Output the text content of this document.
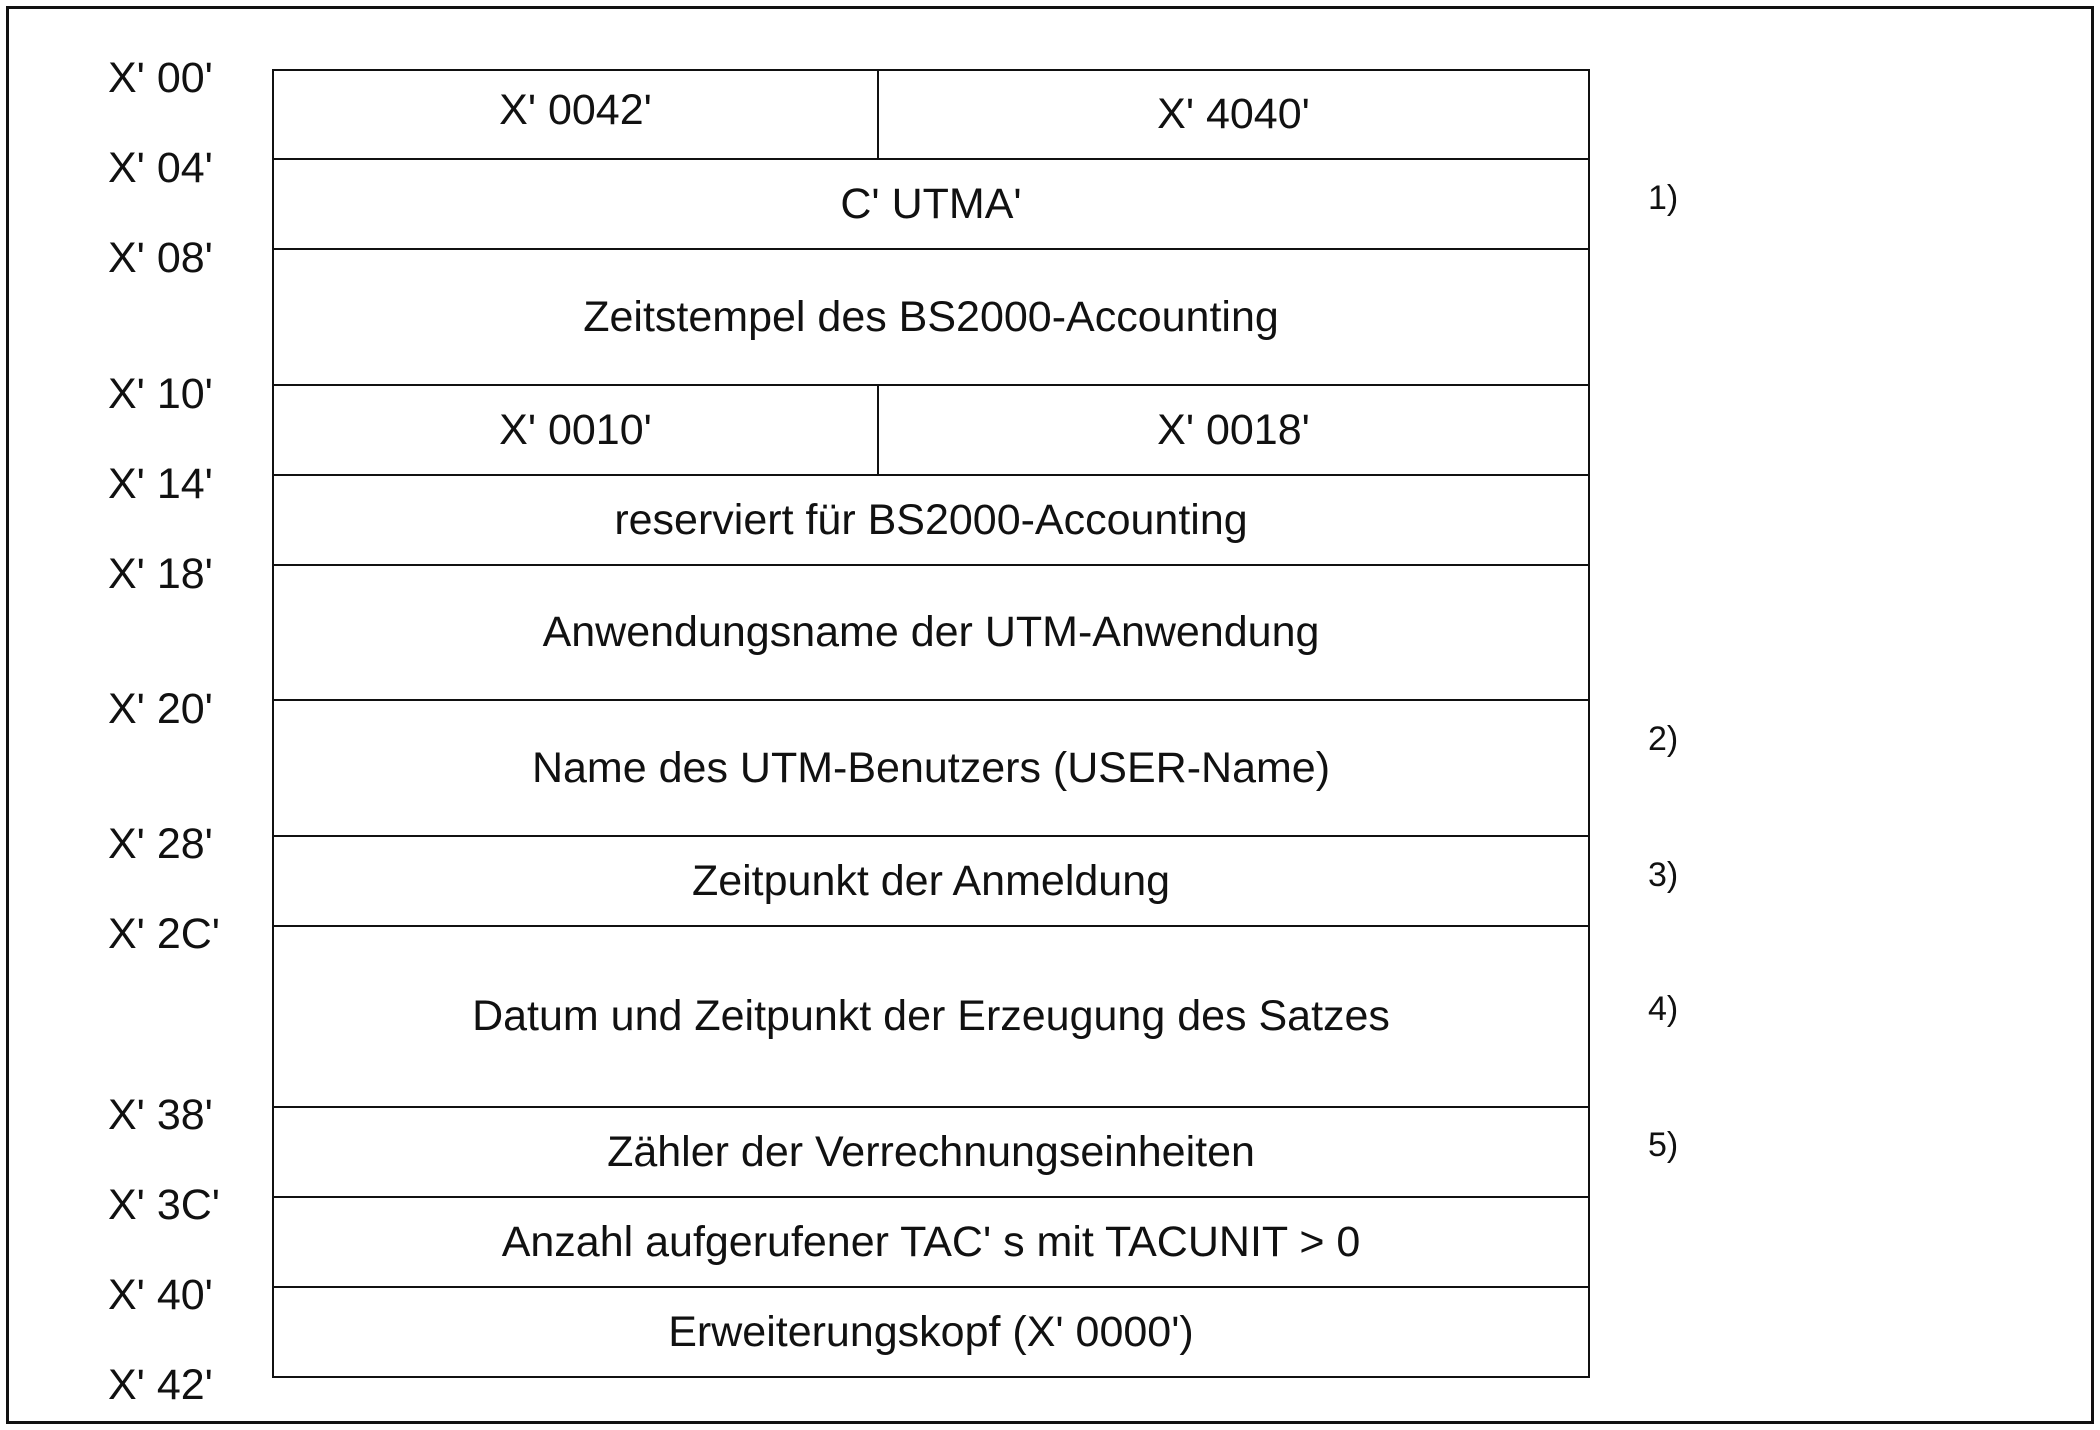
X' 00'
X' 04'
X' 08'
X' 10'
X' 14'
X' 18'
X' 20'
X' 28'
X' 2C'
X' 38'
X' 3C'
X' 40'
X' 42'
X' 0042'	X' 4040'
C' UTMA'
Zeitstempel des BS2000-Accounting
X' 0010'	X' 0018'
reserviert für BS2000-Accounting
Anwendungsname der UTM-Anwendung
Name des UTM-Benutzers (USER-Name)
Zeitpunkt der Anmeldung
Datum und Zeitpunkt der Erzeugung des Satzes
Zähler der Verrechnungseinheiten
Anzahl aufgerufener TAC' s mit TACUNIT > 0
Erweiterungskopf (X' 0000')
1)
2)
3)
4)
5)
